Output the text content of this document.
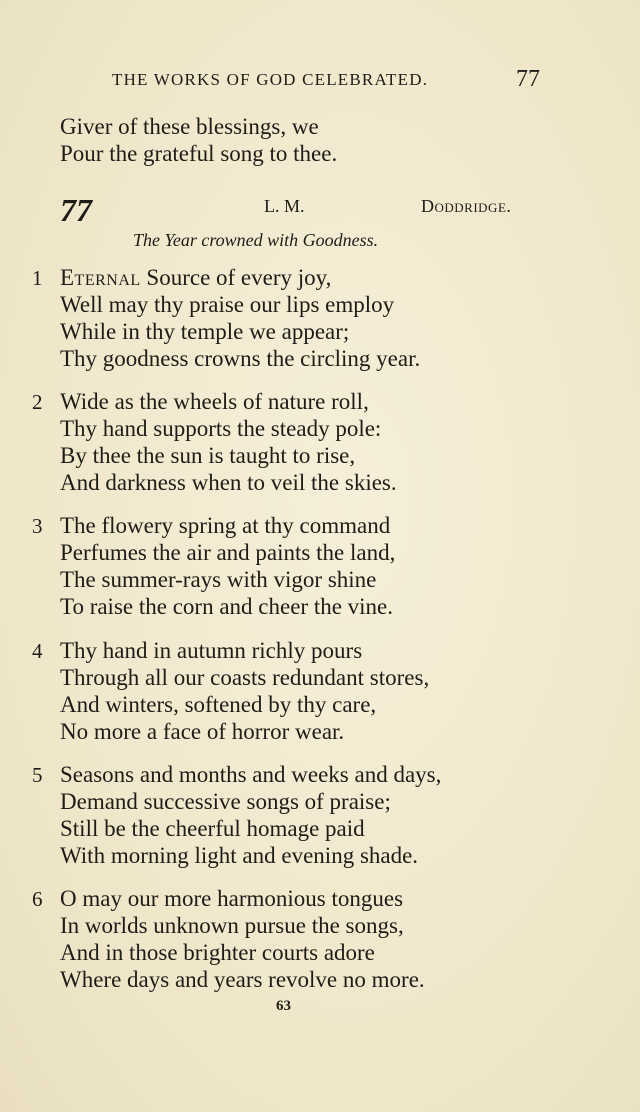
THE WORKS OF GOD CELEBRATED.	77
Giver of these blessings, we
Pour the grateful song to thee.
77	L. M.	Doddridge.
The Year crowned with Goodness.
1 Eternal Source of every joy,
Well may thy praise our lips employ
While in thy temple we appear;
Thy goodness crowns the circling year.
2 Wide as the wheels of nature roll,
Thy hand supports the steady pole:
By thee the sun is taught to rise,
And darkness when to veil the skies.
3 The flowery spring at thy command
Perfumes the air and paints the land,
The summer-rays with vigor shine
To raise the corn and cheer the vine.
4 Thy hand in autumn richly pours
Through all our coasts redundant stores,
And winters, softened by thy care,
No more a face of horror wear.
5 Seasons and months and weeks and days,
Demand successive songs of praise;
Still be the cheerful homage paid
With morning light and evening shade.
6 O may our more harmonious tongues
In worlds unknown pursue the songs,
And in those brighter courts adore
Where days and years revolve no more.
63
